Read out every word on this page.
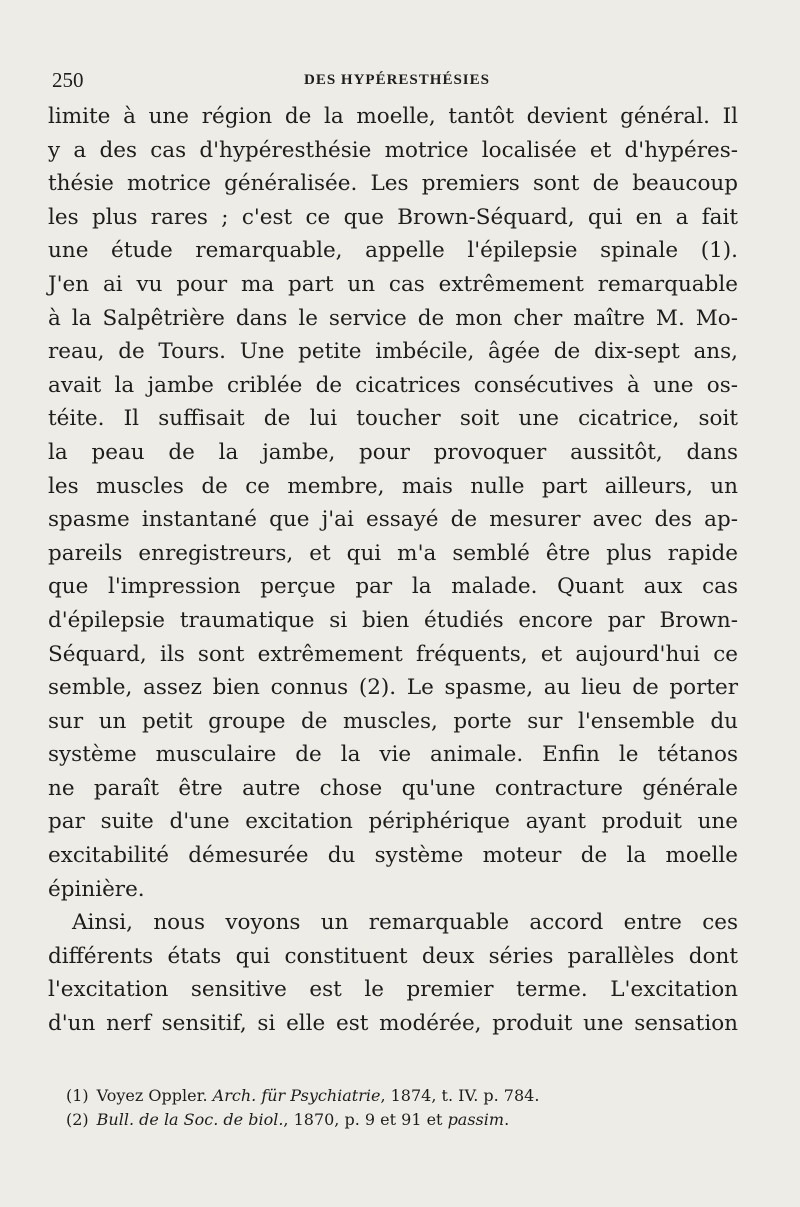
250	DES HYPÉRESTHÉSIES
limite à une région de la moelle, tantôt devient général. Il
y a des cas d'hypéresthésie motrice localisée et d'hypéres-
thésie motrice généralisée. Les premiers sont de beaucoup
les plus rares ; c'est ce que Brown-Séquard, qui en a fait
une étude remarquable, appelle l'épilepsie spinale (1).
J'en ai vu pour ma part un cas extrêmement remarquable
à la Salpêtrière dans le service de mon cher maître M. Mo-
reau, de Tours. Une petite imbécile, âgée de dix-sept ans,
avait la jambe criblée de cicatrices consécutives à une os-
téite. Il suffisait de lui toucher soit une cicatrice, soit
la peau de la jambe, pour provoquer aussitôt, dans
les muscles de ce membre, mais nulle part ailleurs, un
spasme instantané que j'ai essayé de mesurer avec des ap-
pareils enregistreurs, et qui m'a semblé être plus rapide
que l'impression perçue par la malade. Quant aux cas
d'épilepsie traumatique si bien étudiés encore par Brown-
Séquard, ils sont extrêmement fréquents, et aujourd'hui ce
semble, assez bien connus (2). Le spasme, au lieu de porter
sur un petit groupe de muscles, porte sur l'ensemble du
système musculaire de la vie animale. Enfin le tétanos
ne paraît être autre chose qu'une contracture générale
par suite d'une excitation périphérique ayant produit une
excitabilité démesurée du système moteur de la moelle
épinière.
Ainsi, nous voyons un remarquable accord entre ces
différents états qui constituent deux séries parallèles dont
l'excitation sensitive est le premier terme. L'excitation
d'un nerf sensitif, si elle est modérée, produit une sensation
(1) Voyez Oppler. Arch. für Psychiatrie, 1874, t. IV. p. 784.
(2) Bull. de la Soc. de biol., 1870, p. 9 et 91 et passim.
